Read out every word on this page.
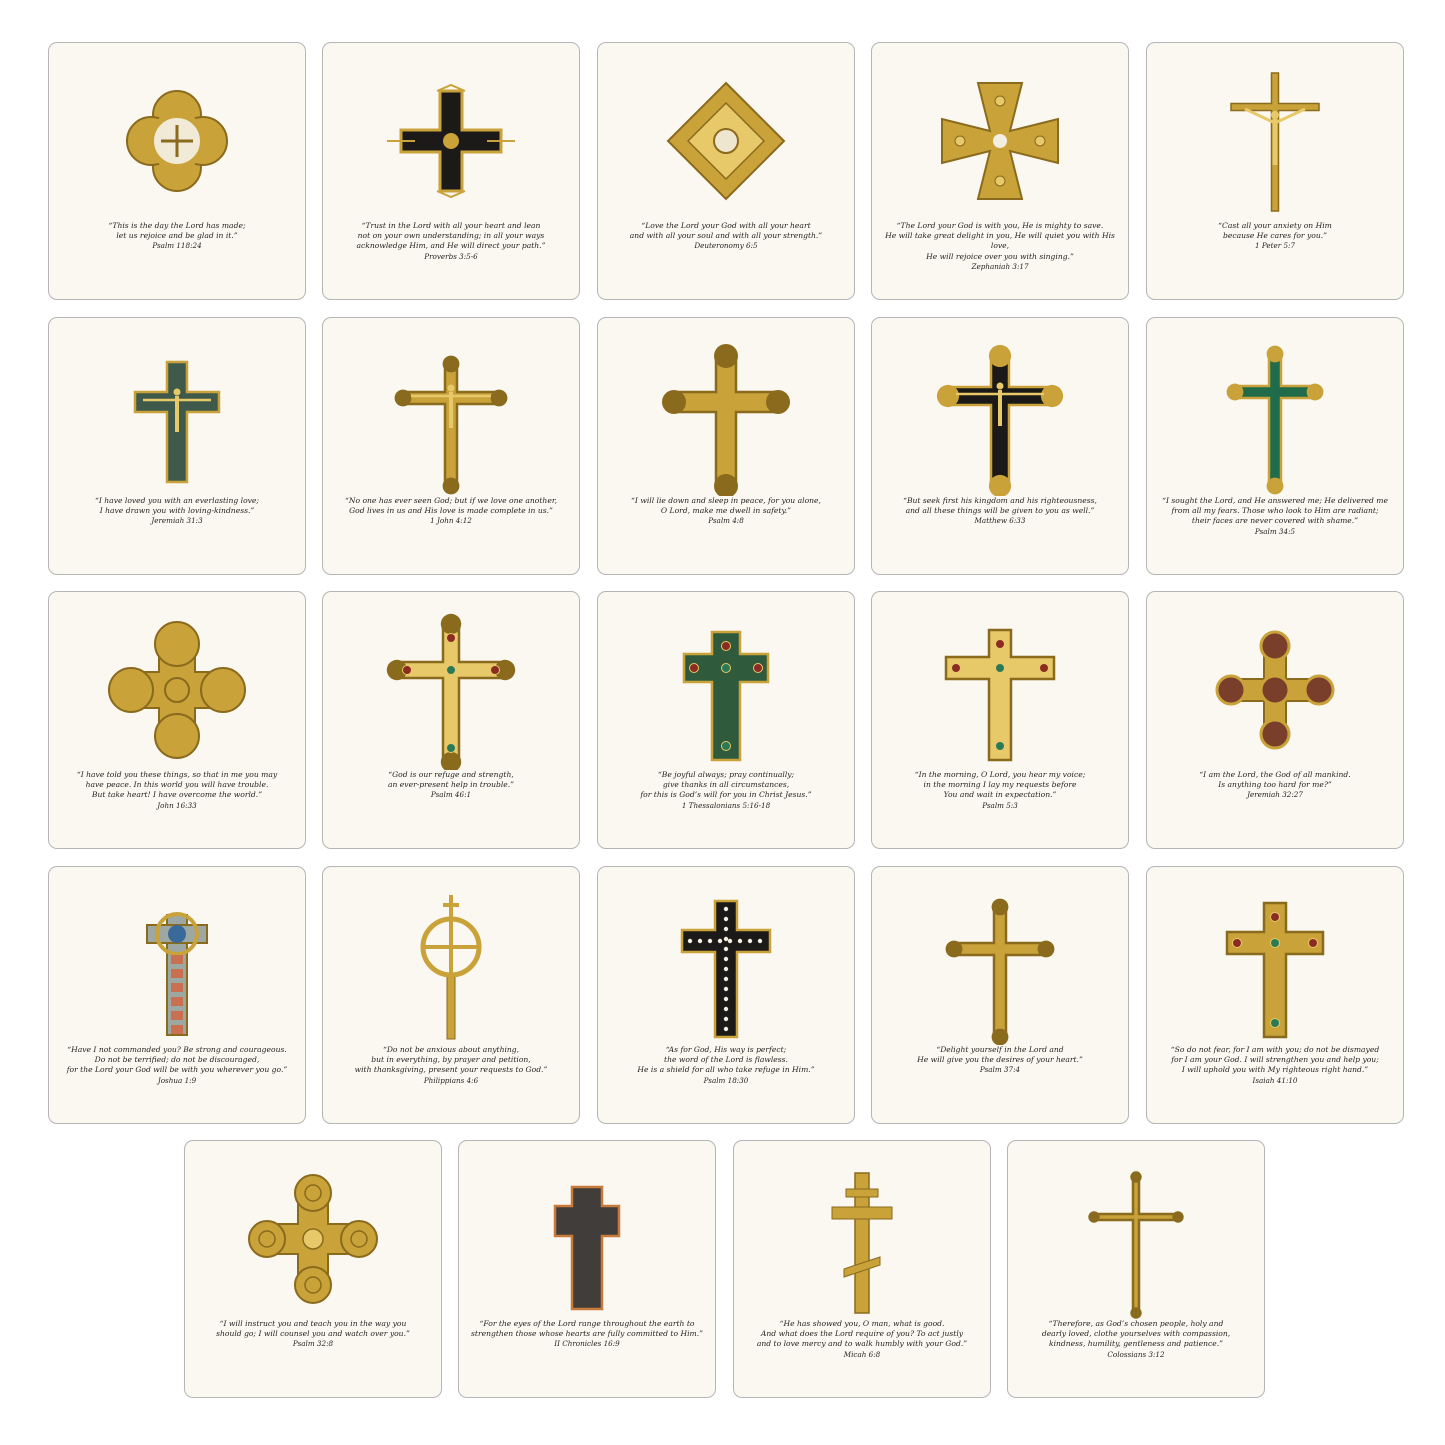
“This is the day the Lord has made;
let us rejoice and be glad in it.”
Psalm 118:24
“Trust in the Lord with all your heart and lean
not on your own understanding; in all your ways
acknowledge Him, and He will direct your path.”
Proverbs 3:5-6
“Love the Lord your God with all your heart
and with all your soul and with all your strength.”
Deuteronomy 6:5
“The Lord your God is with you, He is mighty to save.
He will take great delight in you, He will quiet you with His love,
He will rejoice over you with singing.”
Zephaniah 3:17
“Cast all your anxiety on Him
because He cares for you.”
1 Peter 5:7
“I have loved you with an everlasting love;
I have drawn you with loving-kindness.”
Jeremiah 31:3
“No one has ever seen God; but if we love one another,
God lives in us and His love is made complete in us.”
1 John 4:12
“I will lie down and sleep in peace, for you alone,
O Lord, make me dwell in safety.”
Psalm 4:8
“But seek first his kingdom and his righteousness,
and all these things will be given to you as well.”
Matthew 6:33
“I sought the Lord, and He answered me; He delivered me
from all my fears. Those who look to Him are radiant;
their faces are never covered with shame.”
Psalm 34:5
“I have told you these things, so that in me you may
have peace. In this world you will have trouble.
But take heart! I have overcome the world.”
John 16:33
“God is our refuge and strength,
an ever-present help in trouble.”
Psalm 46:1
“Be joyful always; pray continually;
give thanks in all circumstances,
for this is God’s will for you in Christ Jesus.”
1 Thessalonians 5:16-18
“In the morning, O Lord, you hear my voice;
in the morning I lay my requests before
You and wait in expectation.”
Psalm 5:3
“I am the Lord, the God of all mankind.
Is anything too hard for me?”
Jeremiah 32:27
“Have I not commanded you? Be strong and courageous.
Do not be terrified; do not be discouraged,
for the Lord your God will be with you wherever you go.”
Joshua 1:9
“Do not be anxious about anything,
but in everything, by prayer and petition,
with thanksgiving, present your requests to God.”
Philippians 4:6
“As for God, His way is perfect;
the word of the Lord is flawless.
He is a shield for all who take refuge in Him.”
Psalm 18:30
“Delight yourself in the Lord and
He will give you the desires of your heart.”
Psalm 37:4
“So do not fear, for I am with you; do not be dismayed
for I am your God. I will strengthen you and help you;
I will uphold you with My righteous right hand.”
Isaiah 41:10
“I will instruct you and teach you in the way you
should go; I will counsel you and watch over you.”
Psalm 32:8
“For the eyes of the Lord range throughout the earth to
strengthen those whose hearts are fully committed to Him.”
II Chronicles 16:9
“He has showed you, O man, what is good.
And what does the Lord require of you? To act justly
and to love mercy and to walk humbly with your God.”
Micah 6:8
“Therefore, as God’s chosen people, holy and
dearly loved, clothe yourselves with compassion,
kindness, humility, gentleness and patience.”
Colossians 3:12
